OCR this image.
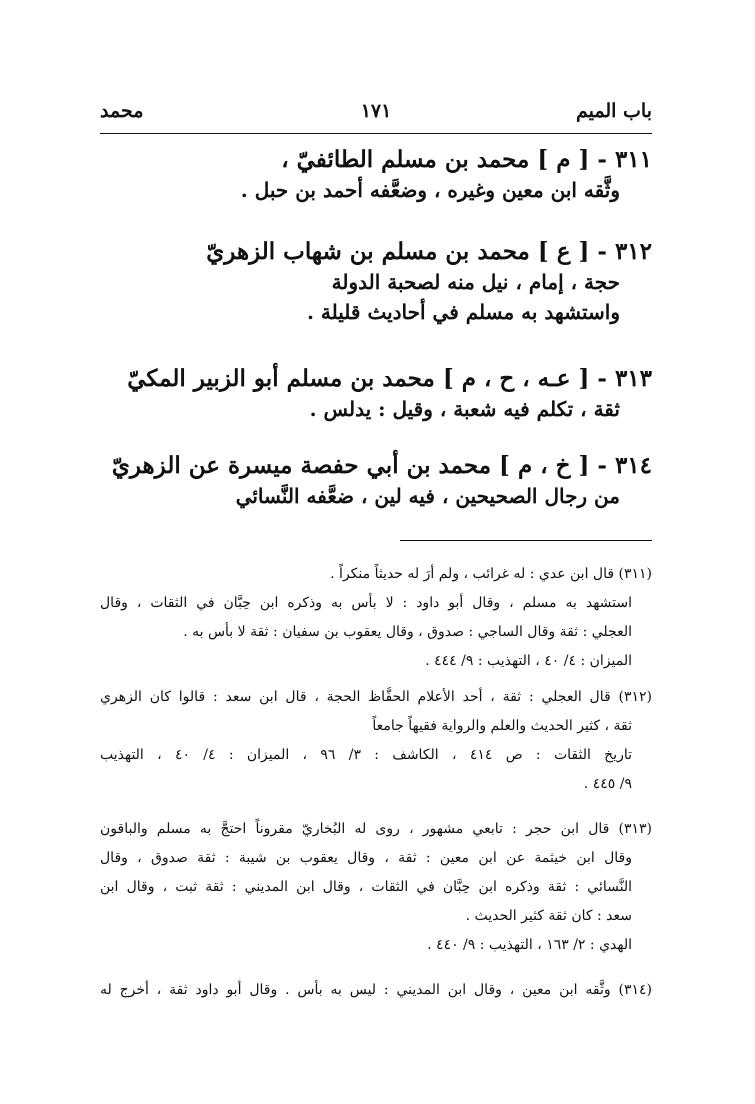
باب الميم
١٧١
محمد
٣١١ - [ م ] محمد بن مسلم الطائفيّ ،
وثَّقه ابن معين وغيره ، وضعَّفه أحمد بن حبل .
٣١٢ - [ ع ] محمد بن مسلم بن شهاب الزهريّ
حجة ، إمام ، نيل منه لصحبة الدولة
واستشهد به مسلم في أحاديث قليلة .
٣١٣ - [ عـه ، ح ، م ] محمد بن مسلم أبو الزبير المكيّ
ثقة ، تكلم فيه شعبة ، وقيل : يدلس .
٣١٤ - [ خ ، م ] محمد بن أبي حفصة ميسرة عن الزهريّ
من رجال الصحيحين ، فيه لين ، ضعَّفه النَّسائي
(٣١١) قال ابن عدي : له غرائب ، ولم أرَ له حديثاً منكراً .
استشهد به مسلم ، وقال أبو داود : لا بأس به وذكره ابن حِبَّان في الثقات ، وقال
العجلي : ثقة وقال الساجي : صدوق ، وقال يعقوب بن سفيان : ثقة لا بأس به .
الميزان : ٤/ ٤٠ ، التهذيب : ٩/ ٤٤٤ .
(٣١٢) قال العجلي : ثقة ، أحد الأعلام الحفَّاظ الحجة ، قال ابن سعد : قالوا كان الزهري
ثقة ، كثير الحديث والعلم والرواية فقيهاً جامعاً
تاريخ الثقات : ص ٤١٤ ، الكاشف : ٣/ ٩٦ ، الميزان : ٤/ ٤٠ ، التهذيب
٩/ ٤٤٥ .
(٣١٣) قال ابن حجر : تابعي مشهور ، روى له البُخاريّ مقروناً احتجَّ به مسلم والباقون
وقال ابن خيثمة عن ابن معين : ثقة ، وقال يعقوب بن شيبة : ثقة صدوق ، وقال
النَّسائي : ثقة وذكره ابن حِبَّان في الثقات ، وقال ابن المديني : ثقة ثبت ، وقال ابن
سعد : كان ثقة كثير الحديث .
الهدي : ٢/ ١٦٣ ، التهذيب : ٩/ ٤٤٠ .
(٣١٤) وثَّقه ابن معين ، وقال ابن المديني : ليس به بأس . وقال أبو داود ثقة ، أخرج له
